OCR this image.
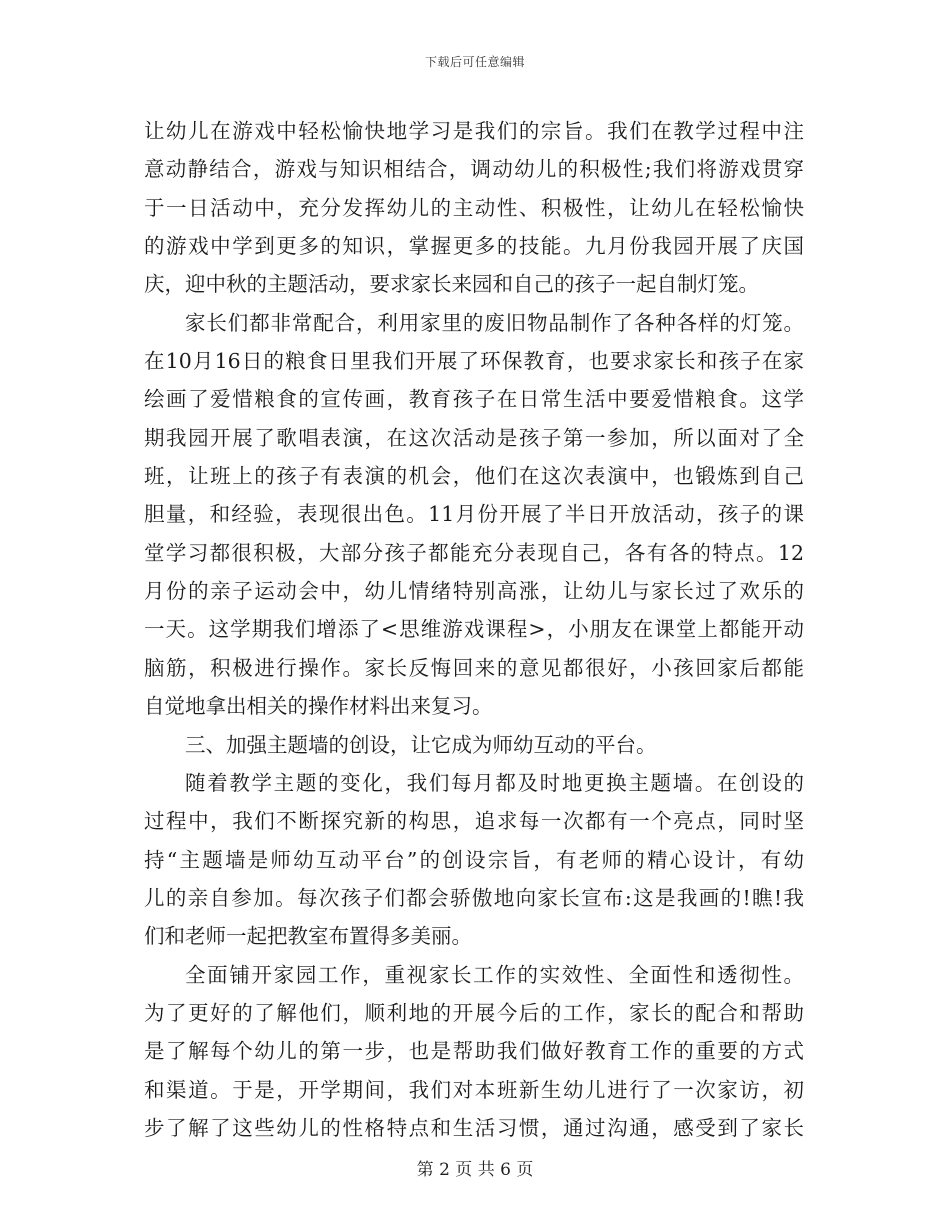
下载后可任意编辑
让幼儿在游戏中轻松愉快地学习是我们的宗旨。我们在教学过程中注
意动静结合，游戏与知识相结合，调动幼儿的积极性;我们将游戏贯穿
于一日活动中，充分发挥幼儿的主动性、积极性，让幼儿在轻松愉快
的游戏中学到更多的知识，掌握更多的技能。九月份我园开展了庆国
庆，迎中秋的主题活动，要求家长来园和自己的孩子一起自制灯笼。
家长们都非常配合，利用家里的废旧物品制作了各种各样的灯笼。
在10月16日的粮食日里我们开展了环保教育，也要求家长和孩子在家
绘画了爱惜粮食的宣传画，教育孩子在日常生活中要爱惜粮食。这学
期我园开展了歌唱表演，在这次活动是孩子第一参加，所以面对了全
班，让班上的孩子有表演的机会，他们在这次表演中，也锻炼到自己
胆量，和经验，表现很出色。11月份开展了半日开放活动，孩子的课
堂学习都很积极，大部分孩子都能充分表现自己，各有各的特点。12
月份的亲子运动会中，幼儿情绪特别高涨，让幼儿与家长过了欢乐的
一天。这学期我们增添了<思维游戏课程>，小朋友在课堂上都能开动
脑筋，积极进行操作。家长反悔回来的意见都很好，小孩回家后都能
自觉地拿出相关的操作材料出来复习。
三、加强主题墙的创设，让它成为师幼互动的平台。
随着教学主题的变化，我们每月都及时地更换主题墙。在创设的
过程中，我们不断探究新的构思，追求每一次都有一个亮点，同时坚
持“主题墙是师幼互动平台”的创设宗旨，有老师的精心设计，有幼
儿的亲自参加。每次孩子们都会骄傲地向家长宣布:这是我画的!瞧!我
们和老师一起把教室布置得多美丽。
全面铺开家园工作，重视家长工作的实效性、全面性和透彻性。
为了更好的了解他们，顺利地的开展今后的工作，家长的配合和帮助
是了解每个幼儿的第一步，也是帮助我们做好教育工作的重要的方式
和渠道。于是，开学期间，我们对本班新生幼儿进行了一次家访，初
步了解了这些幼儿的性格特点和生活习惯，通过沟通，感受到了家长
第 2 页 共 6 页
